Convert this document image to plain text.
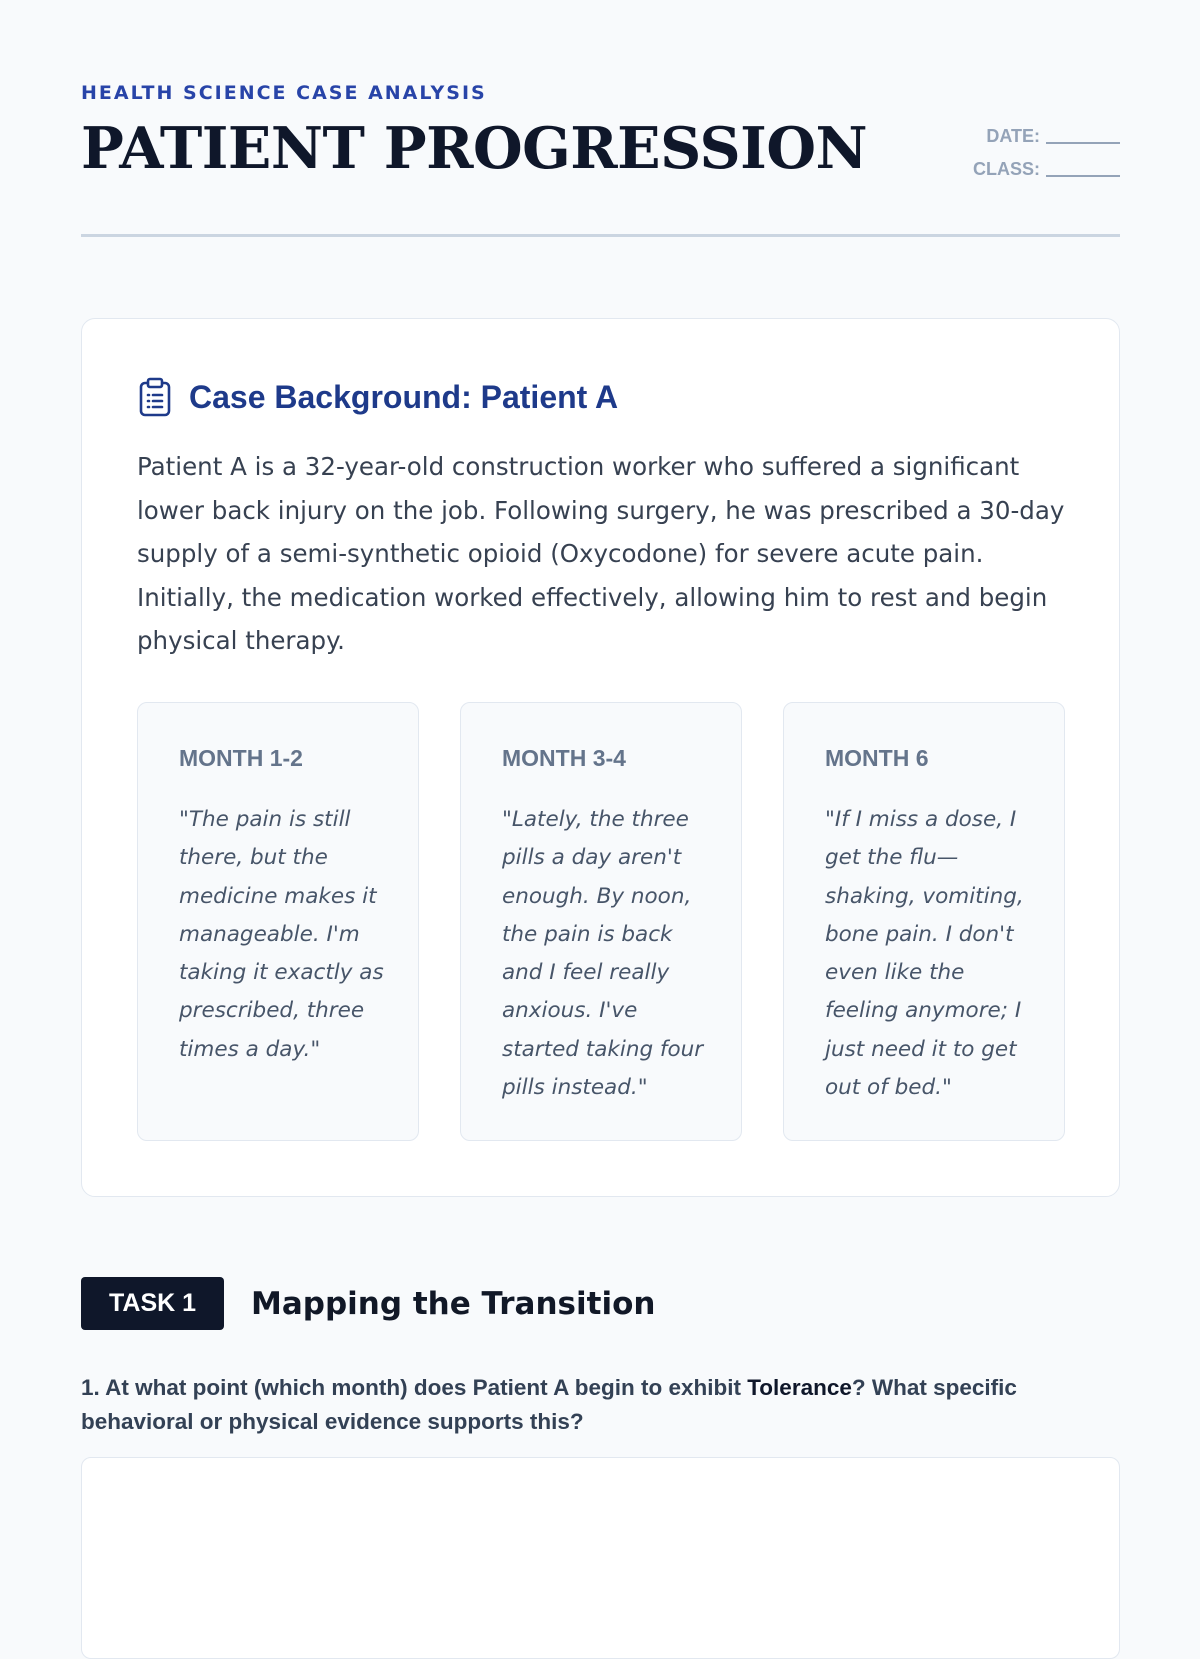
HEALTH SCIENCE CASE ANALYSIS
PATIENT PROGRESSION	DATE:
CLASS:
Case Background: Patient A

Patient A is a 32-year-old construction worker who suffered a significant lower back injury on the job. Following surgery, he was prescribed a 30-day supply of a semi-synthetic opioid (Oxycodone) for severe acute pain. Initially, the medication worked effectively, allowing him to rest and begin physical therapy.

MONTH 1-2

"The pain is still there, but the medicine makes it manageable. I'm taking it exactly as prescribed, three times a day."

MONTH 3-4

"Lately, the three pills a day aren't enough. By noon, the pain is back and I feel really anxious. I've started taking four pills instead."

MONTH 6

"If I miss a dose, I get the flu—shaking, vomiting, bone pain. I don't even like the feeling anymore; I just need it to get out of bed."

TASK 1	Mapping the Transition

1. At what point (which month) does Patient A begin to exhibit Tolerance? What specific behavioral or physical evidence supports this?
